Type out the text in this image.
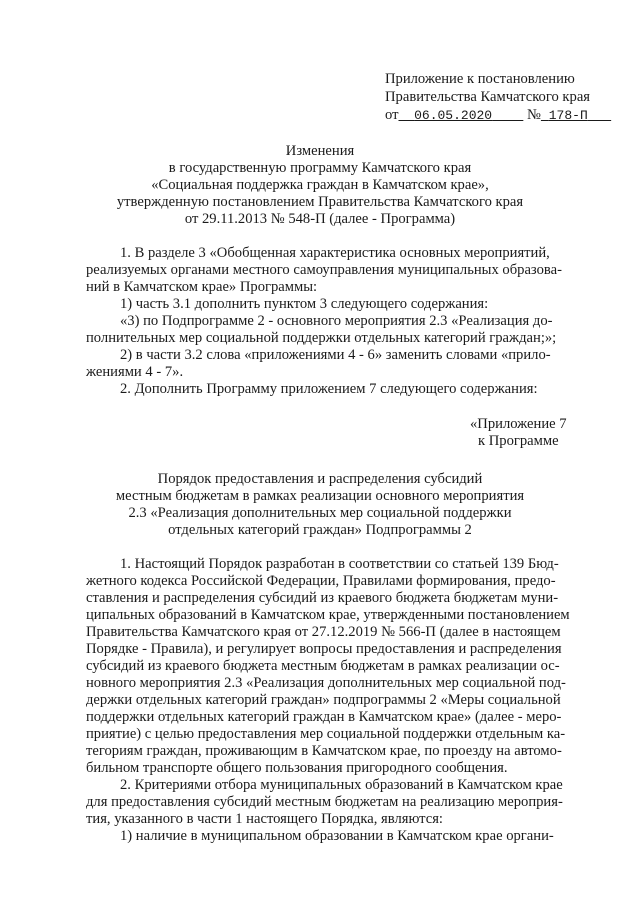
Приложение к постановлению
Правительства Камчатского края
от 06.05.2020 № 178-П
Изменения
в государственную программу Камчатского края
«Социальная поддержка граждан в Камчатском крае»,
утвержденную постановлением Правительства Камчатского края
от 29.11.2013 № 548-П (далее - Программа)
1. В разделе 3 «Обобщенная характеристика основных мероприятий,
реализуемых органами местного самоуправления муниципальных образова-
ний в Камчатском крае» Программы:
1) часть 3.1 дополнить пунктом 3 следующего содержания:
«3) по Подпрограмме 2 - основного мероприятия 2.3 «Реализация до-
полнительных мер социальной поддержки отдельных категорий граждан;»;
2) в части 3.2 слова «приложениями 4 - 6» заменить словами «прило-
жениями 4 - 7».
2. Дополнить Программу приложением 7 следующего содержания:
«Приложение 7
к Программе
Порядок предоставления и распределения субсидий
местным бюджетам в рамках реализации основного мероприятия
2.3 «Реализация дополнительных мер социальной поддержки
отдельных категорий граждан» Подпрограммы 2
1. Настоящий Порядок разработан в соответствии со статьей 139 Бюд-
жетного кодекса Российской Федерации, Правилами формирования, предо-
ставления и распределения субсидий из краевого бюджета бюджетам муни-
ципальных образований в Камчатском крае, утвержденными постановлением
Правительства Камчатского края от 27.12.2019 № 566-П (далее в настоящем
Порядке - Правила), и регулирует вопросы предоставления и распределения
субсидий из краевого бюджета местным бюджетам в рамках реализации ос-
новного мероприятия 2.3 «Реализация дополнительных мер социальной под-
держки отдельных категорий граждан» подпрограммы 2 «Меры социальной
поддержки отдельных категорий граждан в Камчатском крае» (далее - меро-
приятие) с целью предоставления мер социальной поддержки отдельным ка-
тегориям граждан, проживающим в Камчатском крае, по проезду на автомо-
бильном транспорте общего пользования пригородного сообщения.
2. Критериями отбора муниципальных образований в Камчатском крае
для предоставления субсидий местным бюджетам на реализацию мероприя-
тия, указанного в части 1 настоящего Порядка, являются:
1) наличие в муниципальном образовании в Камчатском крае органи-
